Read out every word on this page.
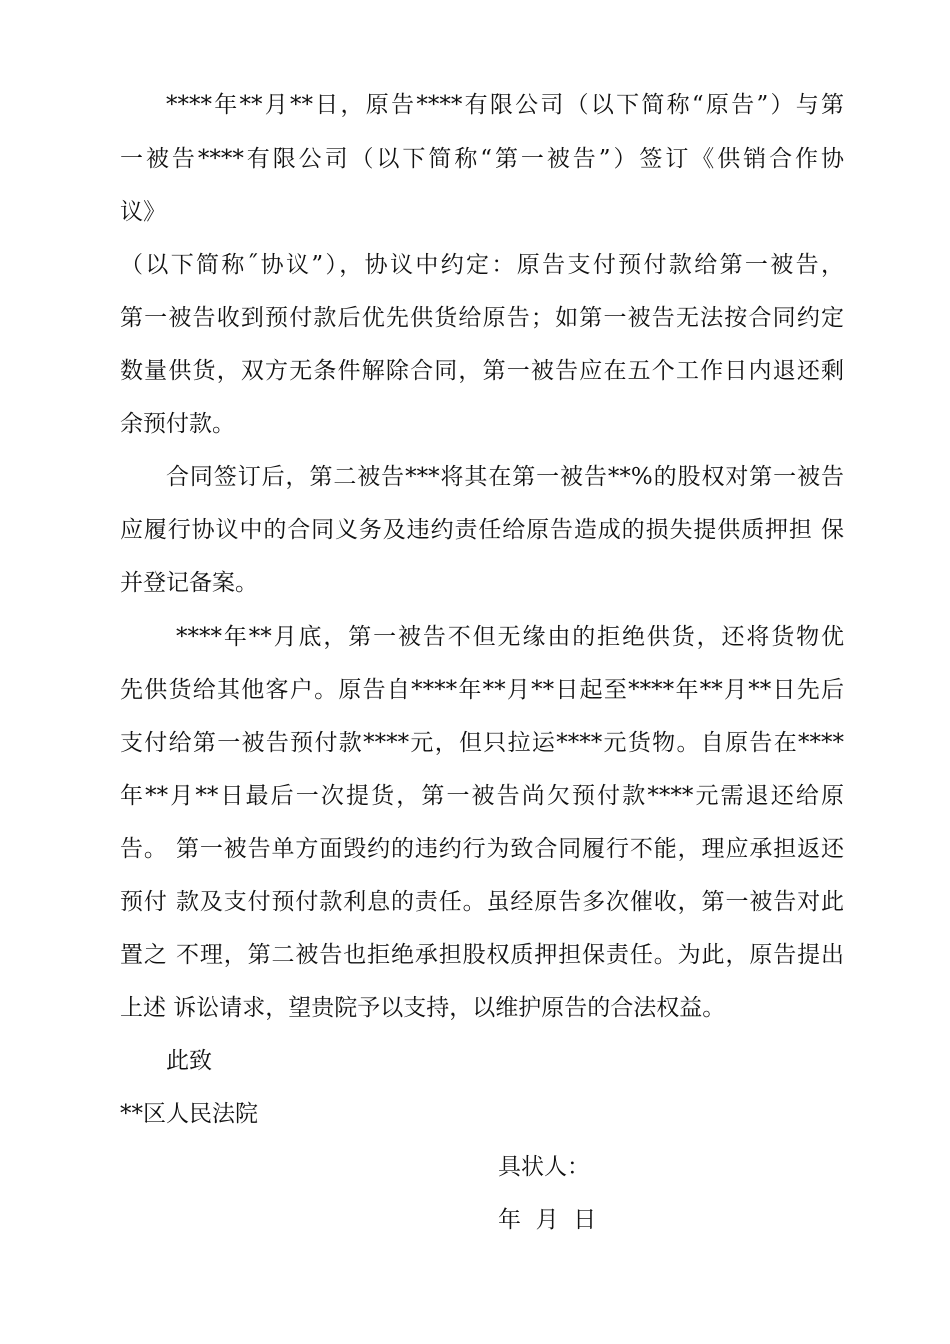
****年**月**日，原告****有限公司（以下简称“原告”）与第
一被告****有限公司（以下简称“第一被告”）签订《供销合作协
议》
（以下简称˝协议”），协议中约定：原告支付预付款给第一被告，
第一被告收到预付款后优先供货给原告；如第一被告无法按合同约定
数量供货，双方无条件解除合同，第一被告应在五个工作日内退还剩
余预付款。
合同签订后，第二被告***将其在第一被告**%的股权对第一被告
应履行协议中的合同义务及违约责任给原告造成的损失提供质押担 保
并登记备案。
****年**月底，第一被告不但无缘由的拒绝供货，还将货物优
先供货给其他客户。原告自****年**月**日起至****年**月**日先后
支付给第一被告预付款****元，但只拉运****元货物。自原告在****
年**月**日最后一次提货，第一被告尚欠预付款****元需退还给原
告。 第一被告单方面毁约的违约行为致合同履行不能，理应承担返还
预付 款及支付预付款利息的责任。虽经原告多次催收，第一被告对此
置之 不理，第二被告也拒绝承担股权质押担保责任。为此，原告提出
上述 诉讼请求，望贵院予以支持，以维护原告的合法权益。
此致
**区人民法院
具状人：
年  月  日
